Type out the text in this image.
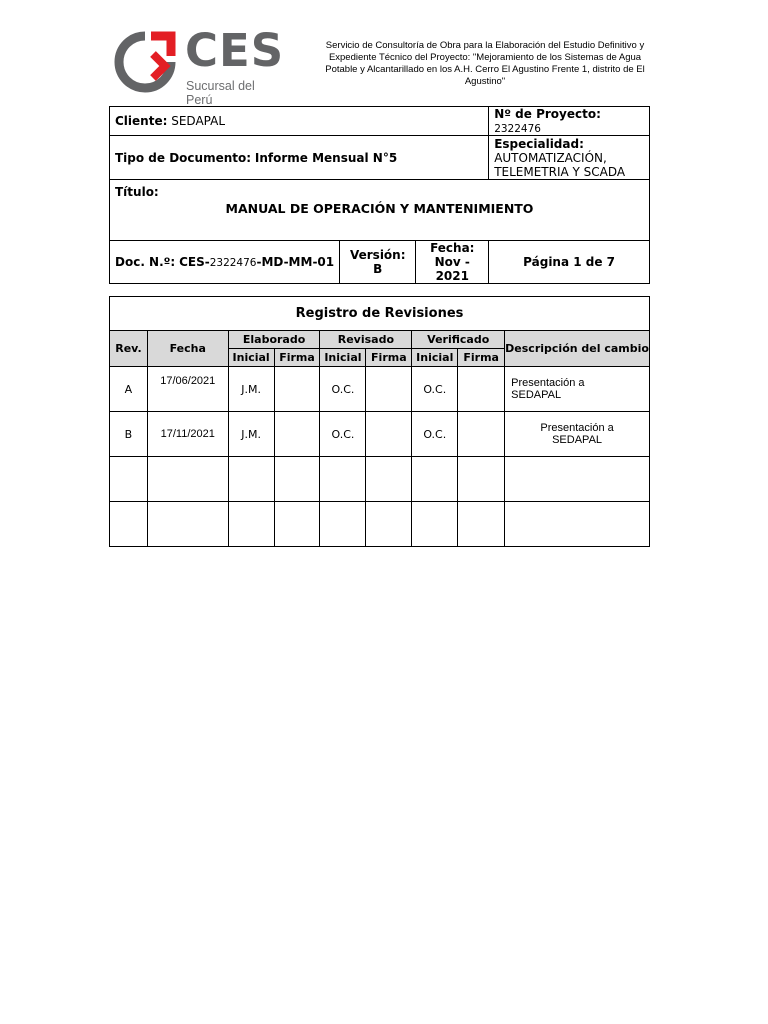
CES
Sucursal del Perú
Servicio de Consultoría de Obra para la Elaboración del Estudio Definitivo y Expediente Técnico del Proyecto: "Mejoramiento de los Sistemas de Agua Potable y Alcantarillado en los A.H. Cerro El Agustino Frente 1, distrito de El Agustino"
Cliente: SEDAPAL			Nº de Proyecto: 2322476
Tipo de Documento: Informe Mensual N°5			Especialidad: AUTOMATIZACIÓN, TELEMETRIA Y SCADA
Título:
MANUAL DE OPERACIÓN Y MANTENIMIENTO			

Doc. N.º: CES-2322476-MD-MM-01	Versión: B	Fecha: Nov - 2021	Página 1 de 7
Registro de Revisiones								
Rev.	Fecha	Elaborado		Revisado		Verificado		Descripción del cambio
		Inicial	Firma	Inicial	Firma	Inicial	Firma	
A	17/06/2021	J.M.		O.C.		O.C.		Presentación a SEDAPAL
B	17/11/2021	J.M.		O.C.		O.C.		Presentación a SEDAPAL
